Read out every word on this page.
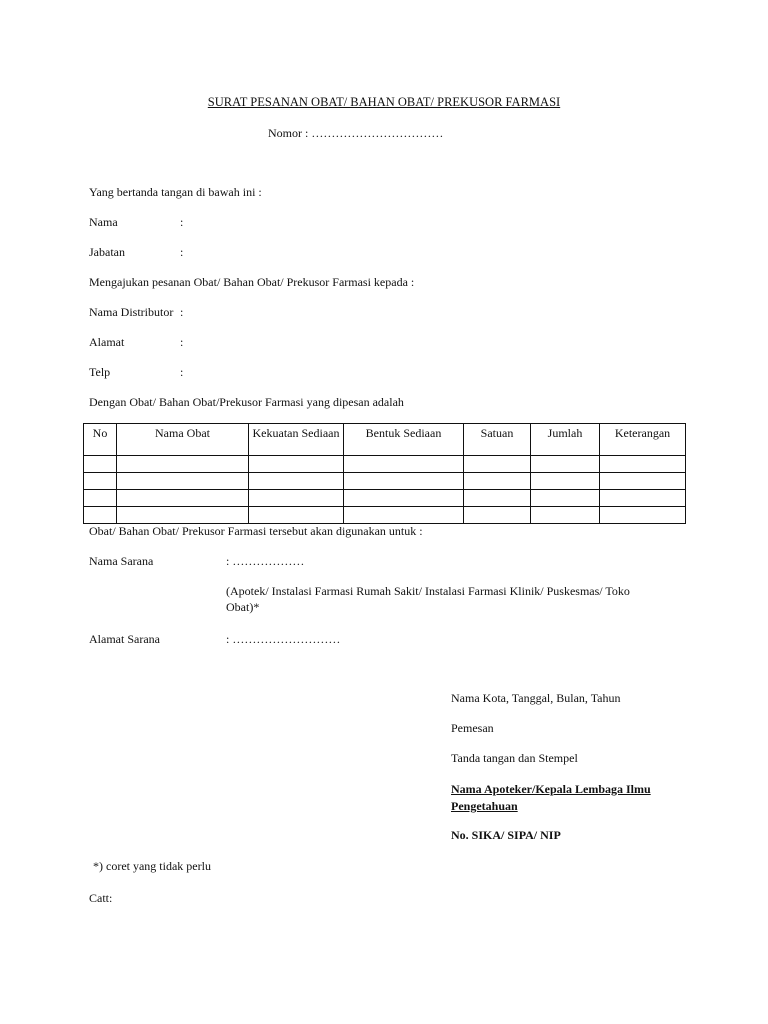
SURAT PESANAN OBAT/ BAHAN OBAT/ PREKUSOR FARMASI
Nomor : ……………………………
Yang bertanda tangan di bawah ini :
Nama	:
Jabatan	:
Mengajukan pesanan Obat/ Bahan Obat/ Prekusor Farmasi kepada :
Nama Distributor :
Alamat	:
Telp	:
Dengan Obat/ Bahan Obat/Prekusor Farmasi yang dipesan adalah
No	Nama Obat	Kekuatan Sediaan	Bentuk Sediaan	Satuan	Jumlah	Keterangan

Obat/ Bahan Obat/ Prekusor Farmasi tersebut akan digunakan untuk :
Nama Sarana	: ………………
(Apotek/ Instalasi Farmasi Rumah Sakit/ Instalasi Farmasi Klinik/ Puskesmas/ Toko Obat)*
Alamat Sarana	: ………………………
Nama Kota, Tanggal, Bulan, Tahun
Pemesan
Tanda tangan dan Stempel
Nama Apoteker/Kepala Lembaga Ilmu Pengetahuan
No. SIKA/ SIPA/ NIP
*) coret yang tidak perlu
Catt:
